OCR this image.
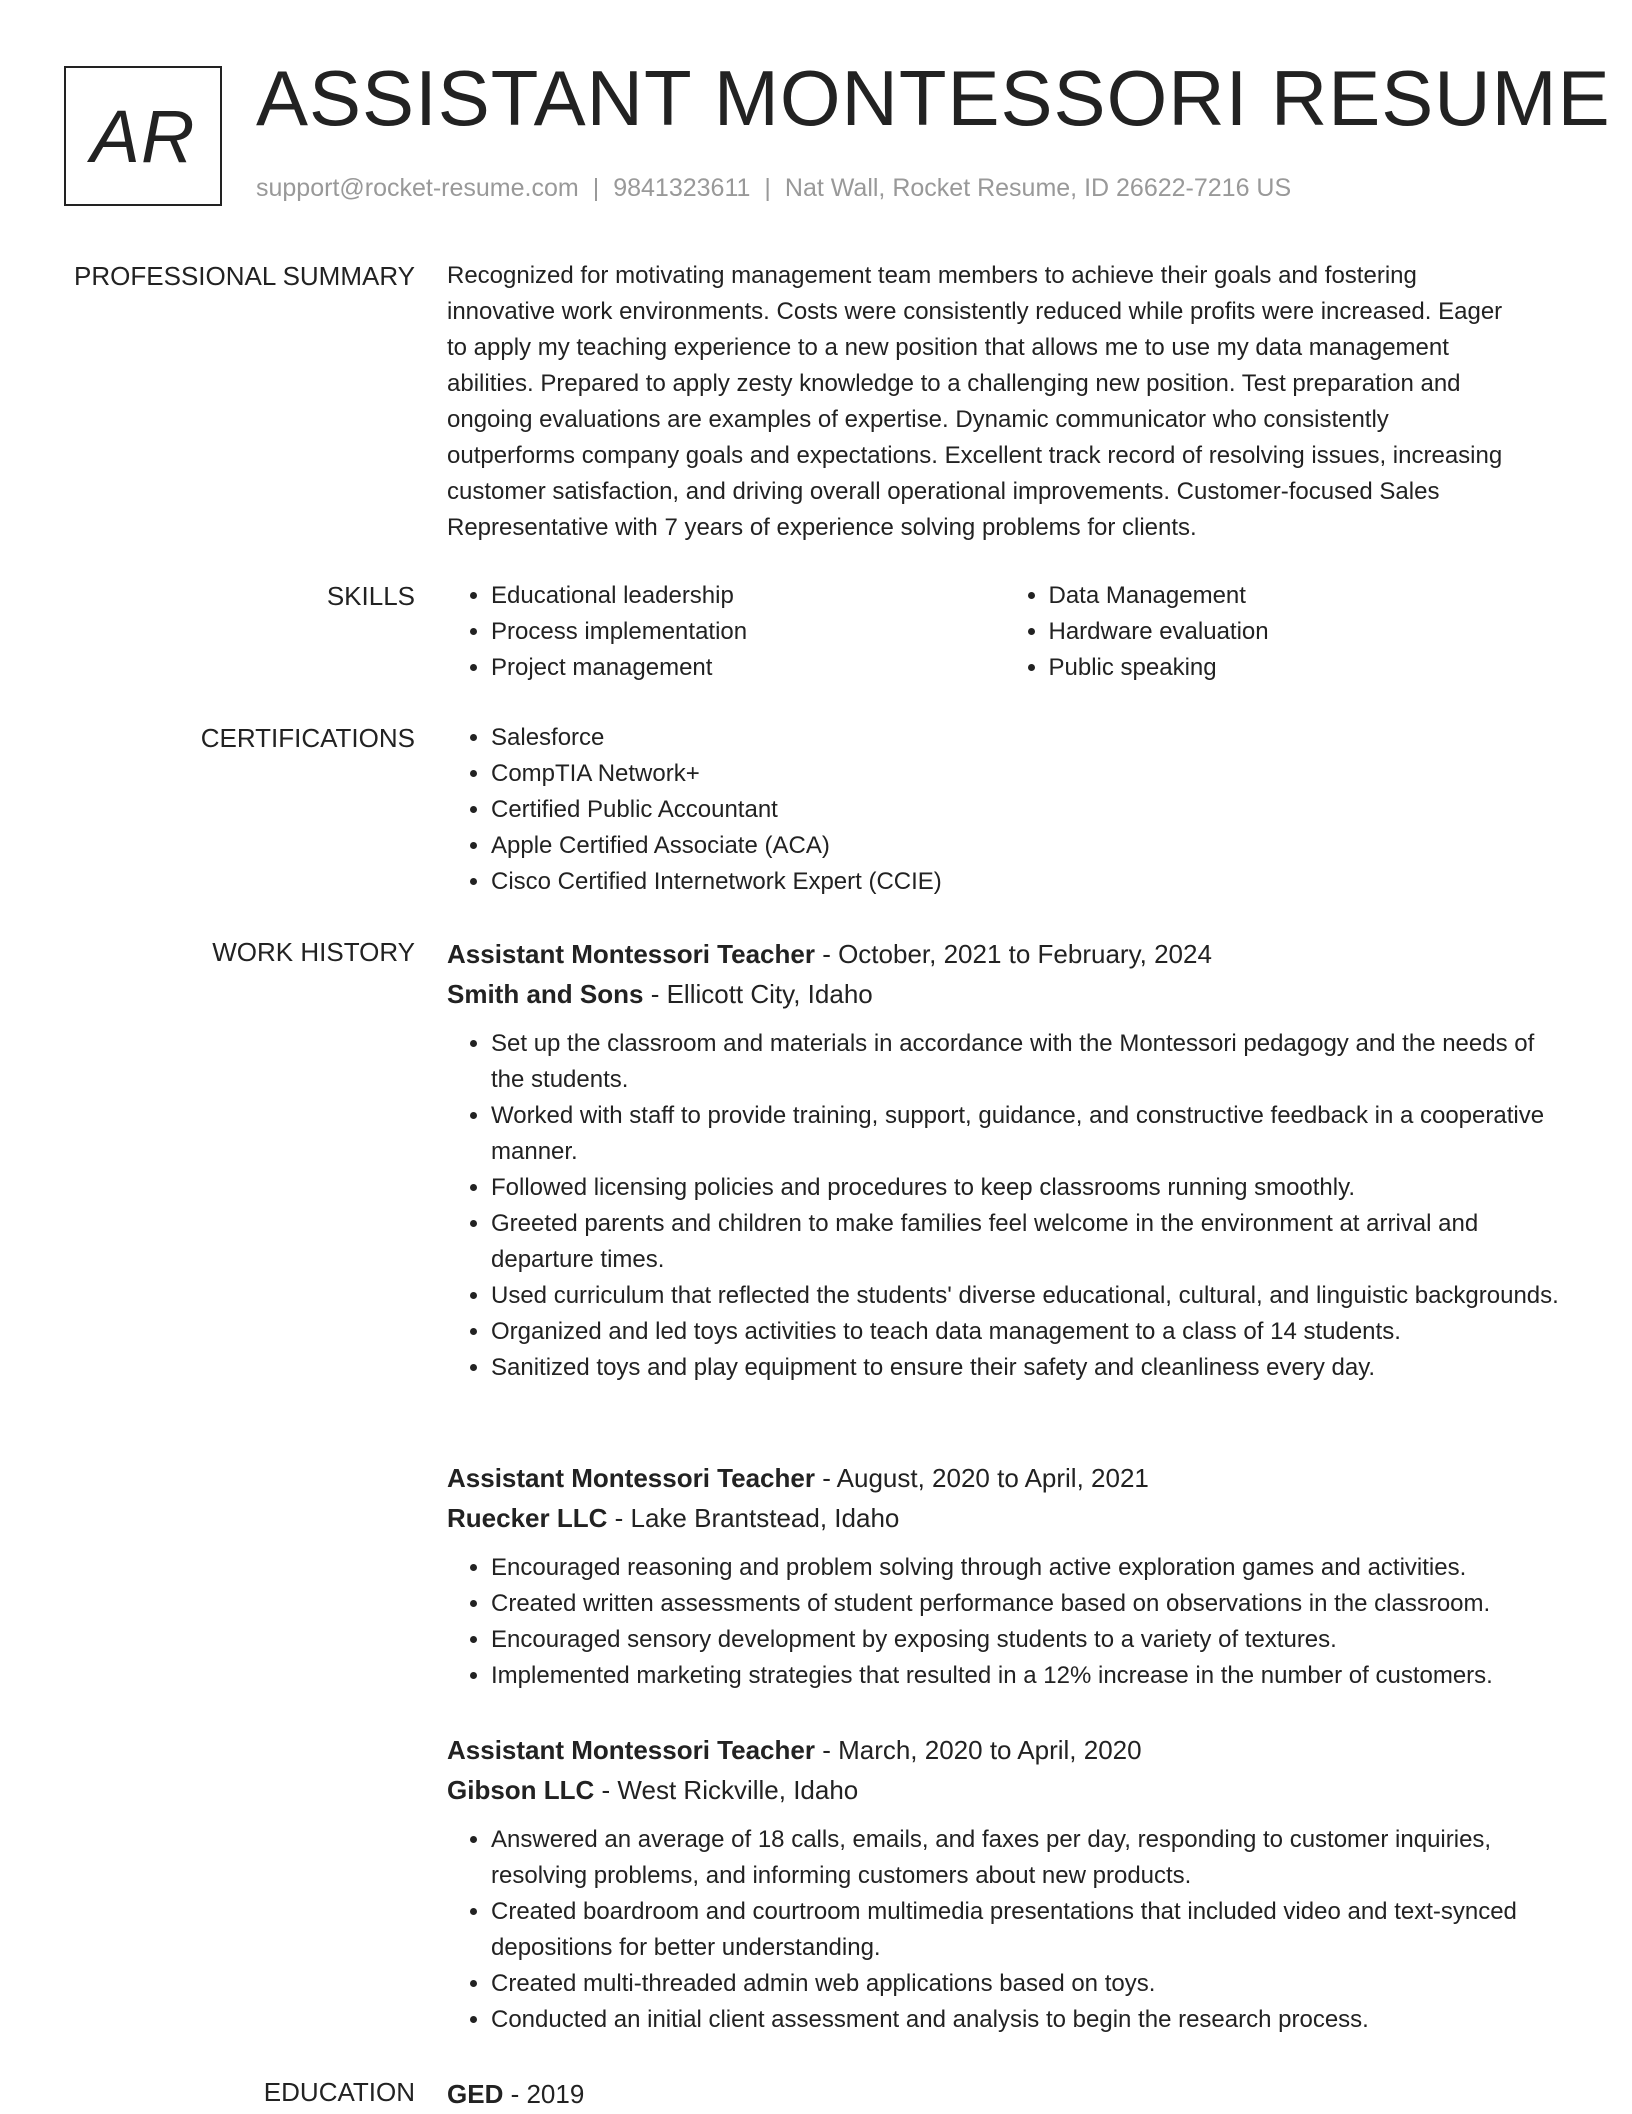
AR ASSISTANT MONTESSORI RESUME
support@rocket-resume.com | 9841323611 | Nat Wall, Rocket Resume, ID 26622-7216 US
PROFESSIONAL SUMMARY Recognized for motivating management team members to achieve their goals and fostering
innovative work environments. Costs were consistently reduced while profits were increased. Eager
to apply my teaching experience to a new position that allows me to use my data management
abilities. Prepared to apply zesty knowledge to a challenging new position. Test preparation and
ongoing evaluations are examples of expertise. Dynamic communicator who consistently
outperforms company goals and expectations. Excellent track record of resolving issues, increasing
customer satisfaction, and driving overall operational improvements. Customer-focused Sales
Representative with 7 years of experience solving problems for clients.
SKILLS	• Educational leadership
• Process implementation
• Project management
• Data Management
• Hardware evaluation
• Public speaking
CERTIFICATIONS	• Salesforce
• CompTIA Network+
• Certified Public Accountant
• Apple Certified Associate (ACA)
• Cisco Certified Internetwork Expert (CCIE)
WORK HISTORY Assistant Montessori Teacher - October, 2021 to February, 2024
Smith and Sons - Ellicott City, Idaho
• Set up the classroom and materials in accordance with the Montessori pedagogy and the needs of the students.
• Worked with staff to provide training, support, guidance, and constructive feedback in a cooperative manner.
• Followed licensing policies and procedures to keep classrooms running smoothly.
• Greeted parents and children to make families feel welcome in the environment at arrival and departure times.
• Used curriculum that reflected the students' diverse educational, cultural, and linguistic backgrounds.
• Organized and led toys activities to teach data management to a class of 14 students.
• Sanitized toys and play equipment to ensure their safety and cleanliness every day.
Assistant Montessori Teacher - August, 2020 to April, 2021
Ruecker LLC - Lake Brantstead, Idaho
• Encouraged reasoning and problem solving through active exploration games and activities.
• Created written assessments of student performance based on observations in the classroom.
• Encouraged sensory development by exposing students to a variety of textures.
• Implemented marketing strategies that resulted in a 12% increase in the number of customers.
Assistant Montessori Teacher - March, 2020 to April, 2020
Gibson LLC - West Rickville, Idaho
• Answered an average of 18 calls, emails, and faxes per day, responding to customer inquiries, resolving problems, and informing customers about new products.
• Created boardroom and courtroom multimedia presentations that included video and text-synced depositions for better understanding.
• Created multi-threaded admin web applications based on toys.
• Conducted an initial client assessment and analysis to begin the research process.
EDUCATION GED - 2019
